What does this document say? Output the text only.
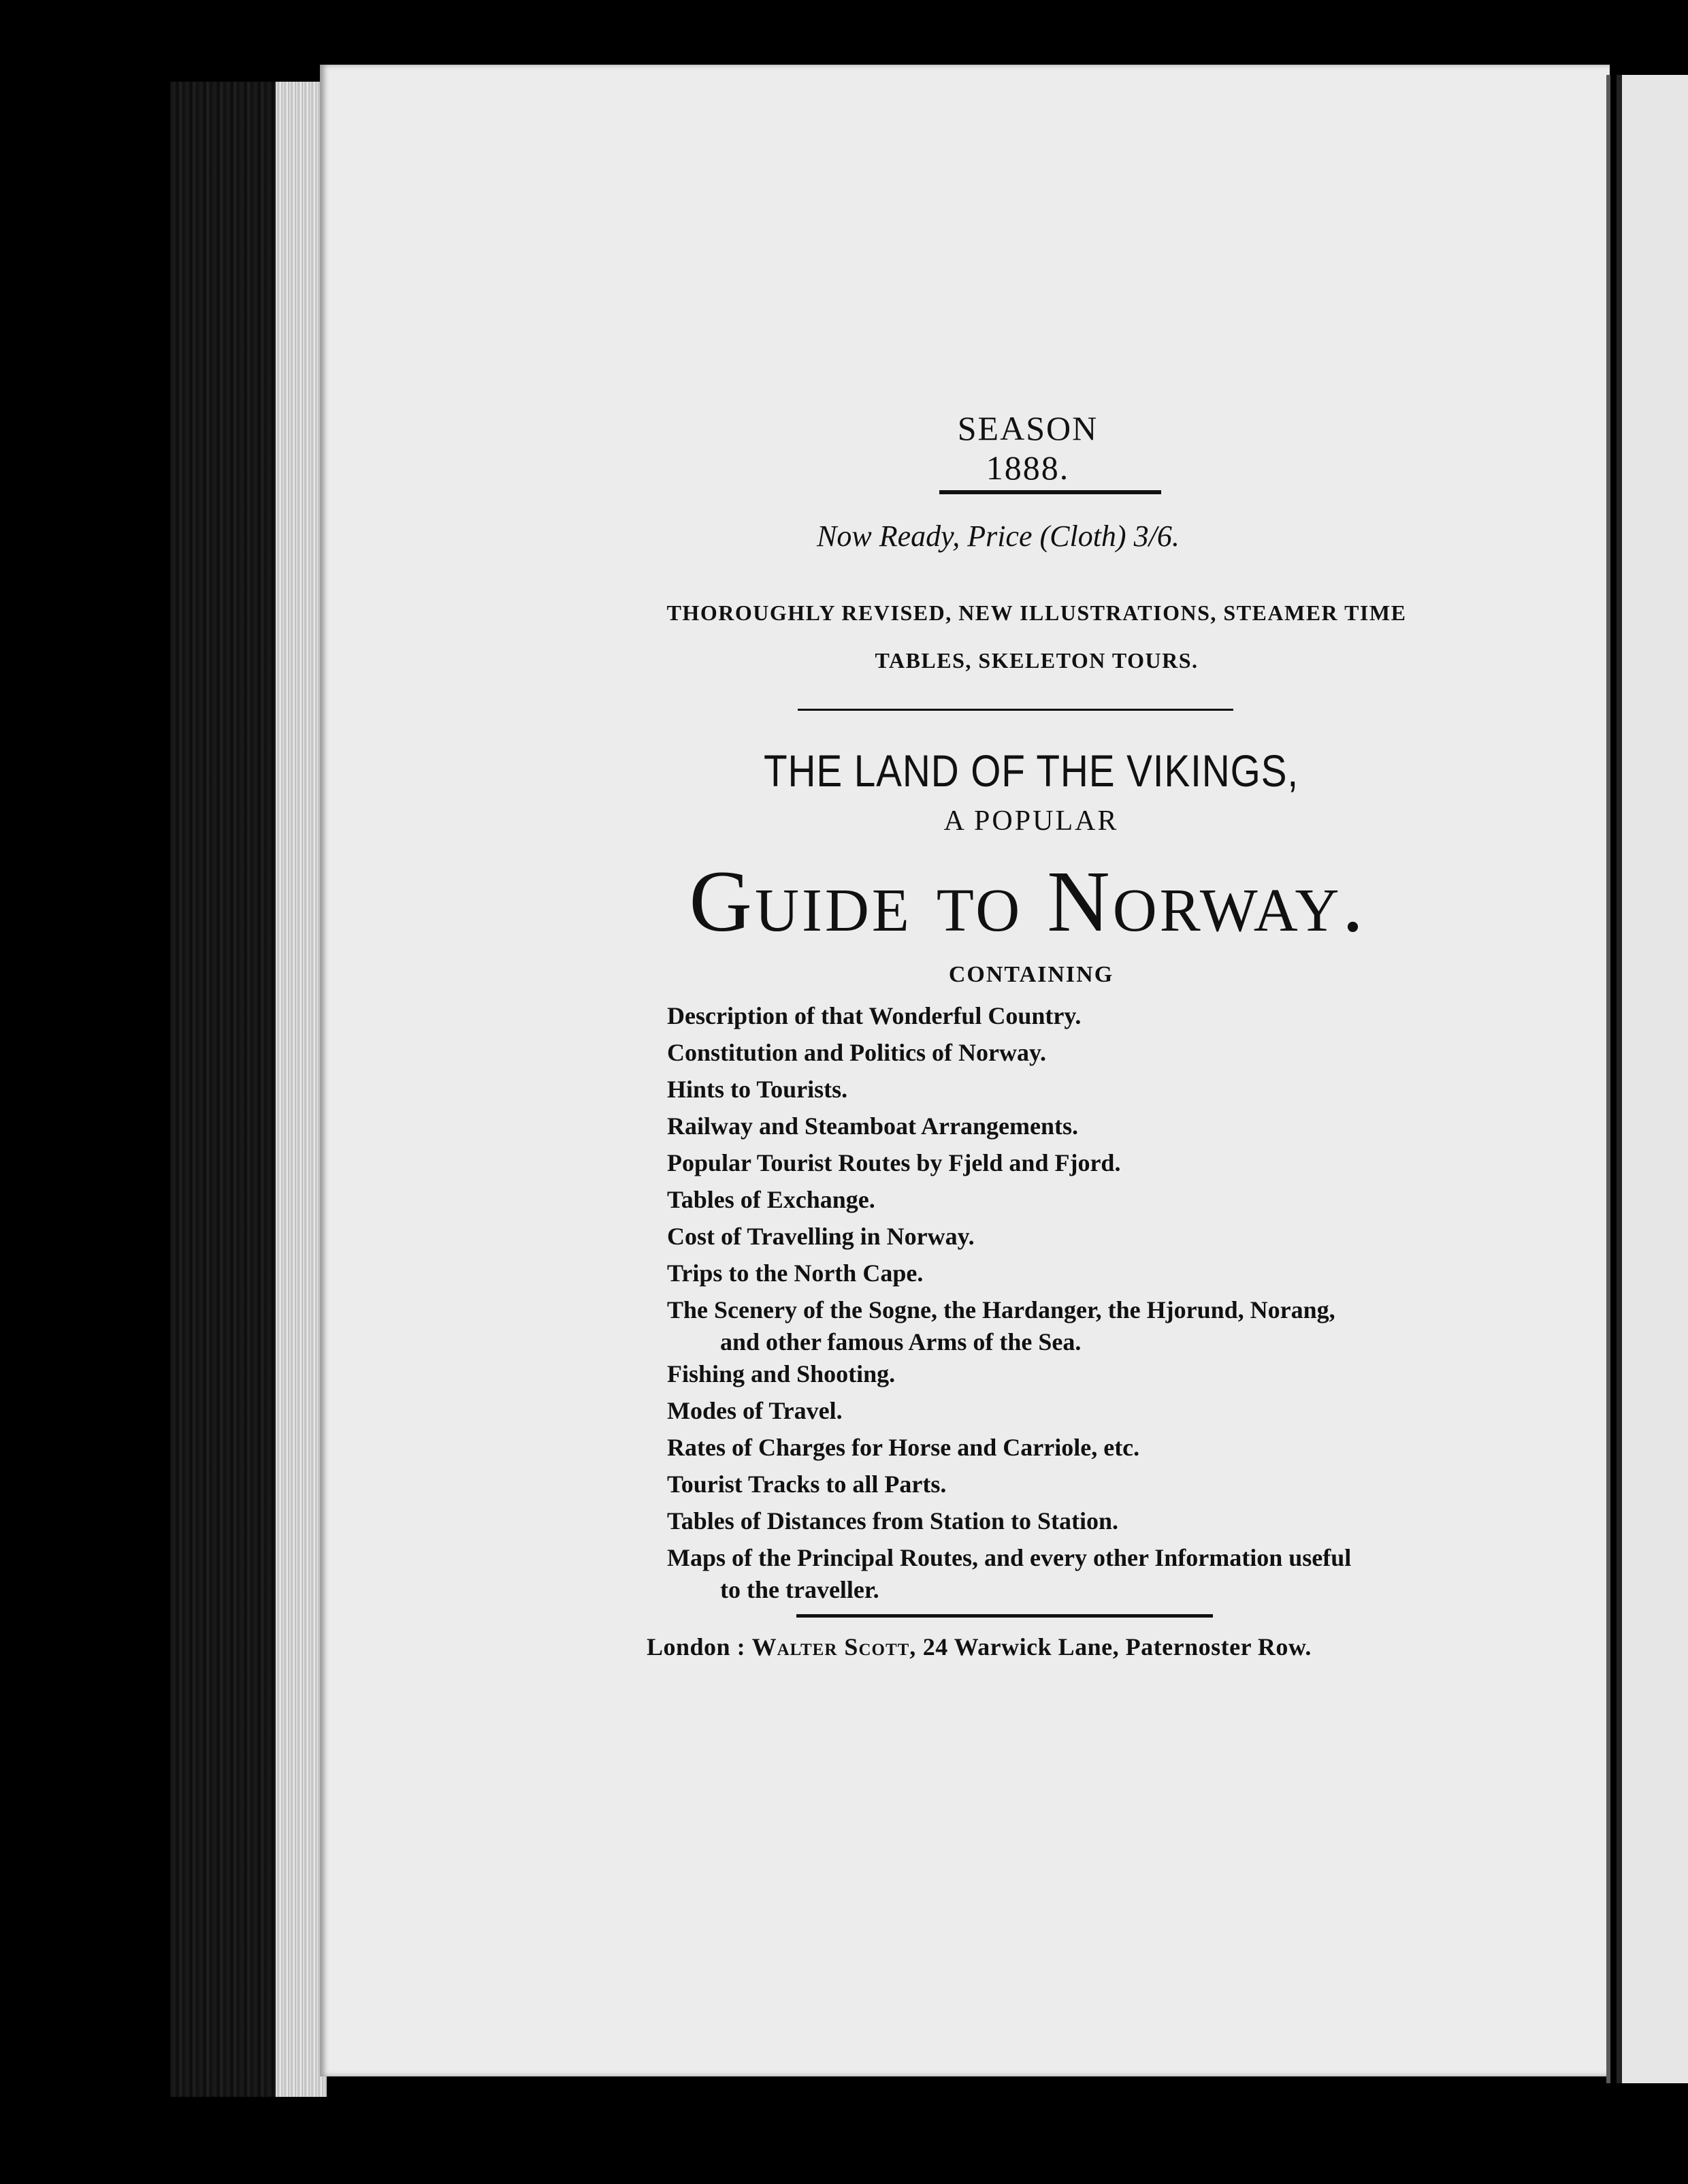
SEASON 1888.
Now Ready, Price (Cloth) 3/6.
THOROUGHLY REVISED, NEW ILLUSTRATIONS, STEAMER TIME
TABLES, SKELETON TOURS.
THE LAND OF THE VIKINGS,
A POPULAR
Guide to Norway.
CONTAINING
Description of that Wonderful Country.
Constitution and Politics of Norway.
Hints to Tourists.
Railway and Steamboat Arrangements.
Popular Tourist Routes by Fjeld and Fjord.
Tables of Exchange.
Cost of Travelling in Norway.
Trips to the North Cape.
The Scenery of the Sogne, the Hardanger, the Hjorund, Norang,
and other famous Arms of the Sea.
Fishing and Shooting.
Modes of Travel.
Rates of Charges for Horse and Carriole, etc.
Tourist Tracks to all Parts.
Tables of Distances from Station to Station.
Maps of the Principal Routes, and every other Information useful
to the traveller.
London : Walter Scott, 24 Warwick Lane, Paternoster Row.
